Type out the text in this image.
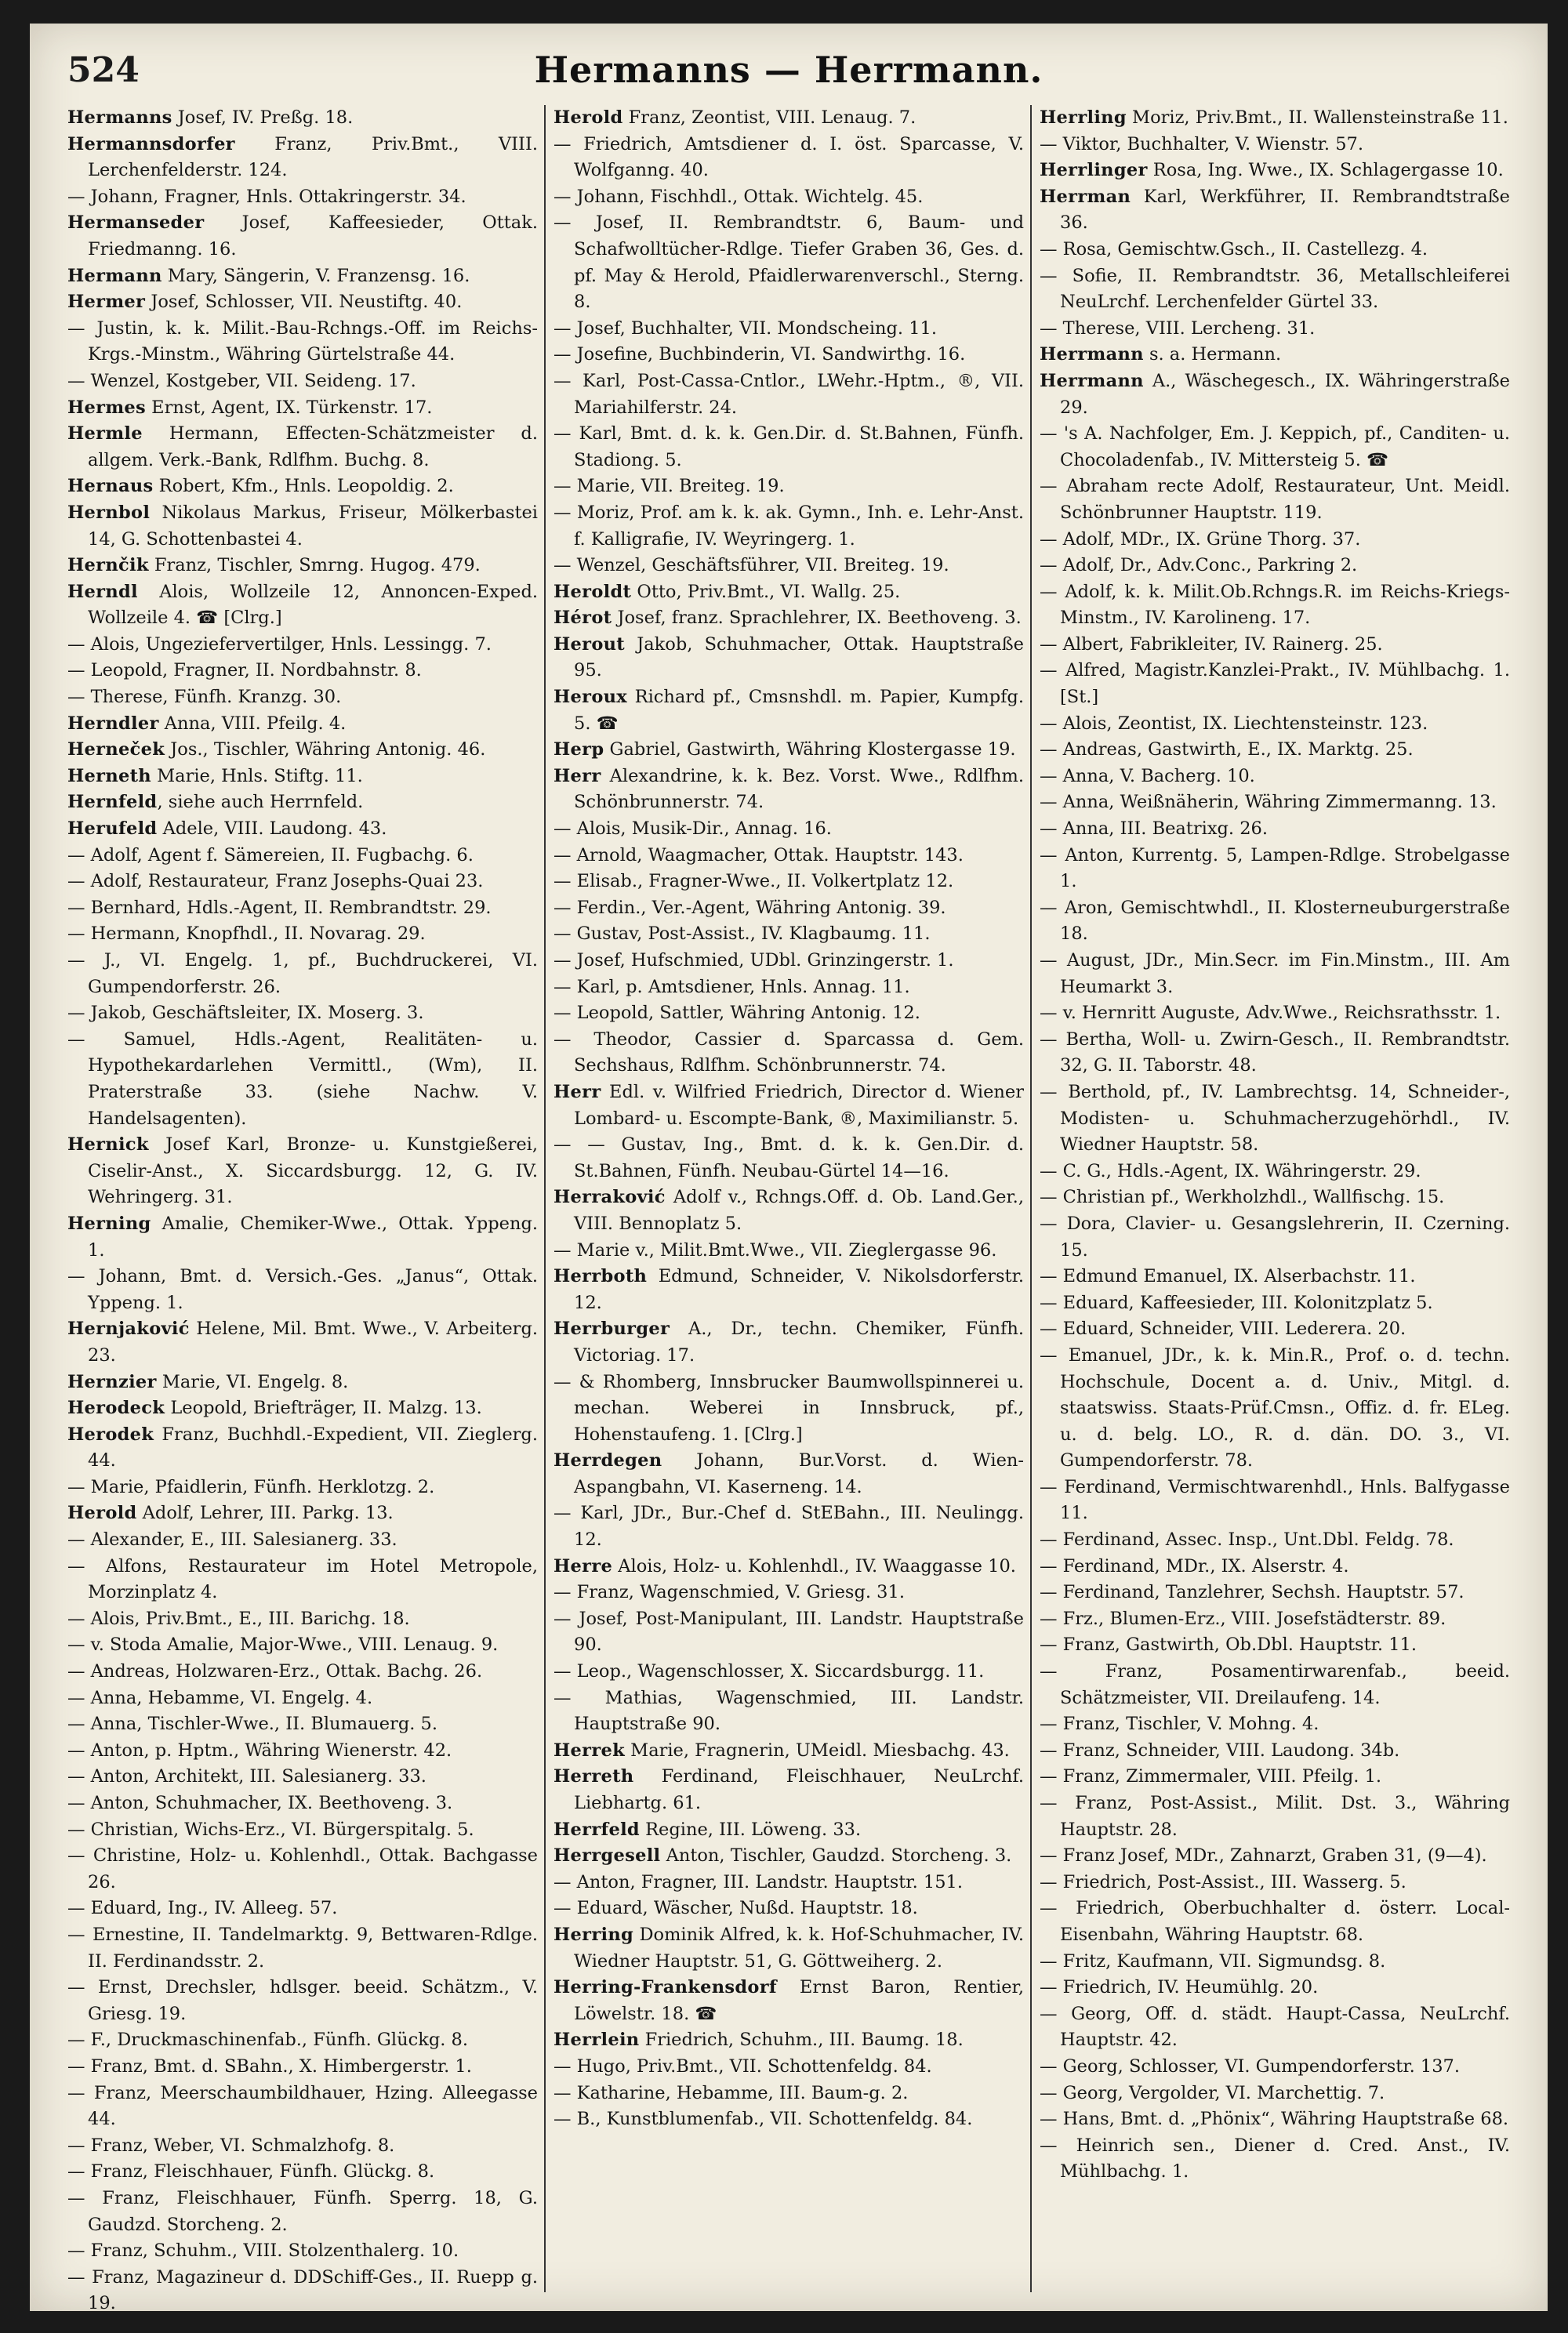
524	Hermanns — Herrmann.
Hermanns Josef, IV. Preßg. 18.
Hermannsdorfer Franz, Priv.Bmt., VIII. Lerchenfelderstr. 124.
— Johann, Fragner, Hnls. Ottakringerstr. 34.
Hermanseder Josef, Kaffeesieder, Ottak. Friedmanng. 16.
Hermann Mary, Sängerin, V. Franzensg. 16.
Hermer Josef, Schlosser, VII. Neustiftg. 40.
— Justin, k. k. Milit.-Bau-Rchngs.-Off. im Reichs-Krgs.-Minstm., Währing Gürtelstraße 44.
— Wenzel, Kostgeber, VII. Seideng. 17.
Hermes Ernst, Agent, IX. Türkenstr. 17.
Hermle Hermann, Effecten-Schätzmeister d. allgem. Verk.-Bank, Rdlfhm. Buchg. 8.
Hernaus Robert, Kfm., Hnls. Leopoldig. 2.
Hernbol Nikolaus Markus, Friseur, Mölkerbastei 14, G. Schottenbastei 4.
Hernčik Franz, Tischler, Smrng. Hugog. 479.
Herndl Alois, Wollzeile 12, Annoncen-Exped. Wollzeile 4. ☎ [Clrg.]
— Alois, Ungeziefervertilger, Hnls. Lessingg. 7.
— Leopold, Fragner, II. Nordbahnstr. 8.
— Therese, Fünfh. Kranzg. 30.
Herndler Anna, VIII. Pfeilg. 4.
Herneček Jos., Tischler, Währing Antonig. 46.
Herneth Marie, Hnls. Stiftg. 11.
Hernfeld, siehe auch Herrnfeld.
Herufeld Adele, VIII. Laudong. 43.
— Adolf, Agent f. Sämereien, II. Fugbachg. 6.
— Adolf, Restaurateur, Franz Josephs-Quai 23.
— Bernhard, Hdls.-Agent, II. Rembrandtstr. 29.
— Hermann, Knopfhdl., II. Novarag. 29.
— J., VI. Engelg. 1, pf., Buchdruckerei, VI. Gumpendorferstr. 26.
— Jakob, Geschäftsleiter, IX. Moserg. 3.
— Samuel, Hdls.-Agent, Realitäten- u. Hypothekardarlehen Vermittl., (Wm), II. Praterstraße 33. (siehe Nachw. V. Handelsagenten).
Hernick Josef Karl, Bronze- u. Kunstgießerei, Ciselir-Anst., X. Siccardsburgg. 12, G. IV. Wehringerg. 31.
Herning Amalie, Chemiker-Wwe., Ottak. Yppeng. 1.
— Johann, Bmt. d. Versich.-Ges. „Janus“, Ottak. Yppeng. 1.
Hernjaković Helene, Mil. Bmt. Wwe., V. Arbeiterg. 23.
Hernzier Marie, VI. Engelg. 8.
Herodeck Leopold, Briefträger, II. Malzg. 13.
Herodek Franz, Buchhdl.-Expedient, VII. Zieglerg. 44.
— Marie, Pfaidlerin, Fünfh. Herklotzg. 2.
Herold Adolf, Lehrer, III. Parkg. 13.
— Alexander, E., III. Salesianerg. 33.
— Alfons, Restaurateur im Hotel Metropole, Morzinplatz 4.
— Alois, Priv.Bmt., E., III. Barichg. 18.
— v. Stoda Amalie, Major-Wwe., VIII. Lenaug. 9.
— Andreas, Holzwaren-Erz., Ottak. Bachg. 26.
— Anna, Hebamme, VI. Engelg. 4.
— Anna, Tischler-Wwe., II. Blumauerg. 5.
— Anton, p. Hptm., Währing Wienerstr. 42.
— Anton, Architekt, III. Salesianerg. 33.
— Anton, Schuhmacher, IX. Beethoveng. 3.
— Christian, Wichs-Erz., VI. Bürgerspitalg. 5.
— Christine, Holz- u. Kohlenhdl., Ottak. Bachgasse 26.
— Eduard, Ing., IV. Alleeg. 57.
— Ernestine, II. Tandelmarktg. 9, Bettwaren-Rdlge. II. Ferdinandsstr. 2.
— Ernst, Drechsler, hdlsger. beeid. Schätzm., V. Griesg. 19.
— F., Druckmaschinenfab., Fünfh. Glückg. 8.
— Franz, Bmt. d. SBahn., X. Himbergerstr. 1.
— Franz, Meerschaumbildhauer, Hzing. Alleegasse 44.
— Franz, Weber, VI. Schmalzhofg. 8.
— Franz, Fleischhauer, Fünfh. Glückg. 8.
— Franz, Fleischhauer, Fünfh. Sperrg. 18, G. Gaudzd. Storcheng. 2.
— Franz, Schuhm., VIII. Stolzenthalerg. 10.
— Franz, Magazineur d. DDSchiff-Ges., II. Ruepp g. 19.
Herold Franz, Zeontist, VIII. Lenaug. 7.
— Friedrich, Amtsdiener d. I. öst. Sparcasse, V. Wolfganng. 40.
— Johann, Fischhdl., Ottak. Wichtelg. 45.
— Josef, II. Rembrandtstr. 6, Baum- und Schafwolltücher-Rdlge. Tiefer Graben 36, Ges. d. pf. May & Herold, Pfaidlerwarenverschl., Sterng. 8.
— Josef, Buchhalter, VII. Mondscheing. 11.
— Josefine, Buchbinderin, VI. Sandwirthg. 16.
— Karl, Post-Cassa-Cntlor., LWehr.-Hptm., ®, VII. Mariahilferstr. 24.
— Karl, Bmt. d. k. k. Gen.Dir. d. St.Bahnen, Fünfh. Stadiong. 5.
— Marie, VII. Breiteg. 19.
— Moriz, Prof. am k. k. ak. Gymn., Inh. e. Lehr-Anst. f. Kalligrafie, IV. Weyringerg. 1.
— Wenzel, Geschäftsführer, VII. Breiteg. 19.
Heroldt Otto, Priv.Bmt., VI. Wallg. 25.
Hérot Josef, franz. Sprachlehrer, IX. Beethoveng. 3.
Herout Jakob, Schuhmacher, Ottak. Hauptstraße 95.
Heroux Richard pf., Cmsnshdl. m. Papier, Kumpfg. 5. ☎
Herp Gabriel, Gastwirth, Währing Klostergasse 19.
Herr Alexandrine, k. k. Bez. Vorst. Wwe., Rdlfhm. Schönbrunnerstr. 74.
— Alois, Musik-Dir., Annag. 16.
— Arnold, Waagmacher, Ottak. Hauptstr. 143.
— Elisab., Fragner-Wwe., II. Volkertplatz 12.
— Ferdin., Ver.-Agent, Währing Antonig. 39.
— Gustav, Post-Assist., IV. Klagbaumg. 11.
— Josef, Hufschmied, UDbl. Grinzingerstr. 1.
— Karl, p. Amtsdiener, Hnls. Annag. 11.
— Leopold, Sattler, Währing Antonig. 12.
— Theodor, Cassier d. Sparcassa d. Gem. Sechshaus, Rdlfhm. Schönbrunnerstr. 74.
Herr Edl. v. Wilfried Friedrich, Director d. Wiener Lombard- u. Escompte-Bank, ®, Maximilianstr. 5.
— — Gustav, Ing., Bmt. d. k. k. Gen.Dir. d. St.Bahnen, Fünfh. Neubau-Gürtel 14—16.
Herraković Adolf v., Rchngs.Off. d. Ob. Land.Ger., VIII. Bennoplatz 5.
— Marie v., Milit.Bmt.Wwe., VII. Zieglergasse 96.
Herrboth Edmund, Schneider, V. Nikolsdorferstr. 12.
Herrburger A., Dr., techn. Chemiker, Fünfh. Victoriag. 17.
— & Rhomberg, Innsbrucker Baumwollspinnerei u. mechan. Weberei in Innsbruck, pf., Hohenstaufeng. 1. [Clrg.]
Herrdegen Johann, Bur.Vorst. d. Wien-Aspangbahn, VI. Kaserneng. 14.
— Karl, JDr., Bur.-Chef d. StEBahn., III. Neulingg. 12.
Herre Alois, Holz- u. Kohlenhdl., IV. Waaggasse 10.
— Franz, Wagenschmied, V. Griesg. 31.
— Josef, Post-Manipulant, III. Landstr. Hauptstraße 90.
— Leop., Wagenschlosser, X. Siccardsburgg. 11.
— Mathias, Wagenschmied, III. Landstr. Hauptstraße 90.
Herrek Marie, Fragnerin, UMeidl. Miesbachg. 43.
Herreth Ferdinand, Fleischhauer, NeuLrchf. Liebhartg. 61.
Herrfeld Regine, III. Löweng. 33.
Herrgesell Anton, Tischler, Gaudzd. Storcheng. 3.
— Anton, Fragner, III. Landstr. Hauptstr. 151.
— Eduard, Wäscher, Nußd. Hauptstr. 18.
Herring Dominik Alfred, k. k. Hof-Schuhmacher, IV. Wiedner Hauptstr. 51, G. Göttweiherg. 2.
Herring-Frankensdorf Ernst Baron, Rentier, Löwelstr. 18. ☎
Herrlein Friedrich, Schuhm., III. Baumg. 18.
— Hugo, Priv.Bmt., VII. Schottenfeldg. 84.
— Katharine, Hebamme, III. Baum-g. 2.
— B., Kunstblumenfab., VII. Schottenfeldg. 84.
Herrling Moriz, Priv.Bmt., II. Wallensteinstraße 11.
— Viktor, Buchhalter, V. Wienstr. 57.
Herrlinger Rosa, Ing. Wwe., IX. Schlagergasse 10.
Herrman Karl, Werkführer, II. Rembrandtstraße 36.
— Rosa, Gemischtw.Gsch., II. Castellezg. 4.
— Sofie, II. Rembrandtstr. 36, Metallschleiferei NeuLrchf. Lerchenfelder Gürtel 33.
— Therese, VIII. Lercheng. 31.
Herrmann s. a. Hermann.
Herrmann A., Wäschegesch., IX. Währingerstraße 29.
— 's A. Nachfolger, Em. J. Keppich, pf., Canditen- u. Chocoladenfab., IV. Mittersteig 5. ☎
— Abraham recte Adolf, Restaurateur, Unt. Meidl. Schönbrunner Hauptstr. 119.
— Adolf, MDr., IX. Grüne Thorg. 37.
— Adolf, Dr., Adv.Conc., Parkring 2.
— Adolf, k. k. Milit.Ob.Rchngs.R. im Reichs-Kriegs-Minstm., IV. Karolineng. 17.
— Albert, Fabrikleiter, IV. Rainerg. 25.
— Alfred, Magistr.Kanzlei-Prakt., IV. Mühlbachg. 1. [St.]
— Alois, Zeontist, IX. Liechtensteinstr. 123.
— Andreas, Gastwirth, E., IX. Marktg. 25.
— Anna, V. Bacherg. 10.
— Anna, Weißnäherin, Währing Zimmermanng. 13.
— Anna, III. Beatrixg. 26.
— Anton, Kurrentg. 5, Lampen-Rdlge. Strobelgasse 1.
— Aron, Gemischtwhdl., II. Klosterneuburgerstraße 18.
— August, JDr., Min.Secr. im Fin.Minstm., III. Am Heumarkt 3.
— v. Hernritt Auguste, Adv.Wwe., Reichsrathsstr. 1.
— Bertha, Woll- u. Zwirn-Gesch., II. Rembrandtstr. 32, G. II. Taborstr. 48.
— Berthold, pf., IV. Lambrechtsg. 14, Schneider-, Modisten- u. Schuhmacherzugehörhdl., IV. Wiedner Hauptstr. 58.
— C. G., Hdls.-Agent, IX. Währingerstr. 29.
— Christian pf., Werkholzhdl., Wallfischg. 15.
— Dora, Clavier- u. Gesangslehrerin, II. Czerning. 15.
— Edmund Emanuel, IX. Alserbachstr. 11.
— Eduard, Kaffeesieder, III. Kolonitzplatz 5.
— Eduard, Schneider, VIII. Lederera. 20.
— Emanuel, JDr., k. k. Min.R., Prof. o. d. techn. Hochschule, Docent a. d. Univ., Mitgl. d. staatswiss. Staats-Prüf.Cmsn., Offiz. d. fr. ELeg. u. d. belg. LO., R. d. dän. DO. 3., VI. Gumpendorferstr. 78.
— Ferdinand, Vermischtwarenhdl., Hnls. Balfygasse 11.
— Ferdinand, Assec. Insp., Unt.Dbl. Feldg. 78.
— Ferdinand, MDr., IX. Alserstr. 4.
— Ferdinand, Tanzlehrer, Sechsh. Hauptstr. 57.
— Frz., Blumen-Erz., VIII. Josefstädterstr. 89.
— Franz, Gastwirth, Ob.Dbl. Hauptstr. 11.
— Franz, Posamentirwarenfab., beeid. Schätzmeister, VII. Dreilaufeng. 14.
— Franz, Tischler, V. Mohng. 4.
— Franz, Schneider, VIII. Laudong. 34b.
— Franz, Zimmermaler, VIII. Pfeilg. 1.
— Franz, Post-Assist., Milit. Dst. 3., Währing Hauptstr. 28.
— Franz Josef, MDr., Zahnarzt, Graben 31, (9—4).
— Friedrich, Post-Assist., III. Wasserg. 5.
— Friedrich, Oberbuchhalter d. österr. Local-Eisenbahn, Währing Hauptstr. 68.
— Fritz, Kaufmann, VII. Sigmundsg. 8.
— Friedrich, IV. Heumühlg. 20.
— Georg, Off. d. städt. Haupt-Cassa, NeuLrchf. Hauptstr. 42.
— Georg, Schlosser, VI. Gumpendorferstr. 137.
— Georg, Vergolder, VI. Marchettig. 7.
— Hans, Bmt. d. „Phönix“, Währing Hauptstraße 68.
— Heinrich sen., Diener d. Cred. Anst., IV. Mühlbachg. 1.
